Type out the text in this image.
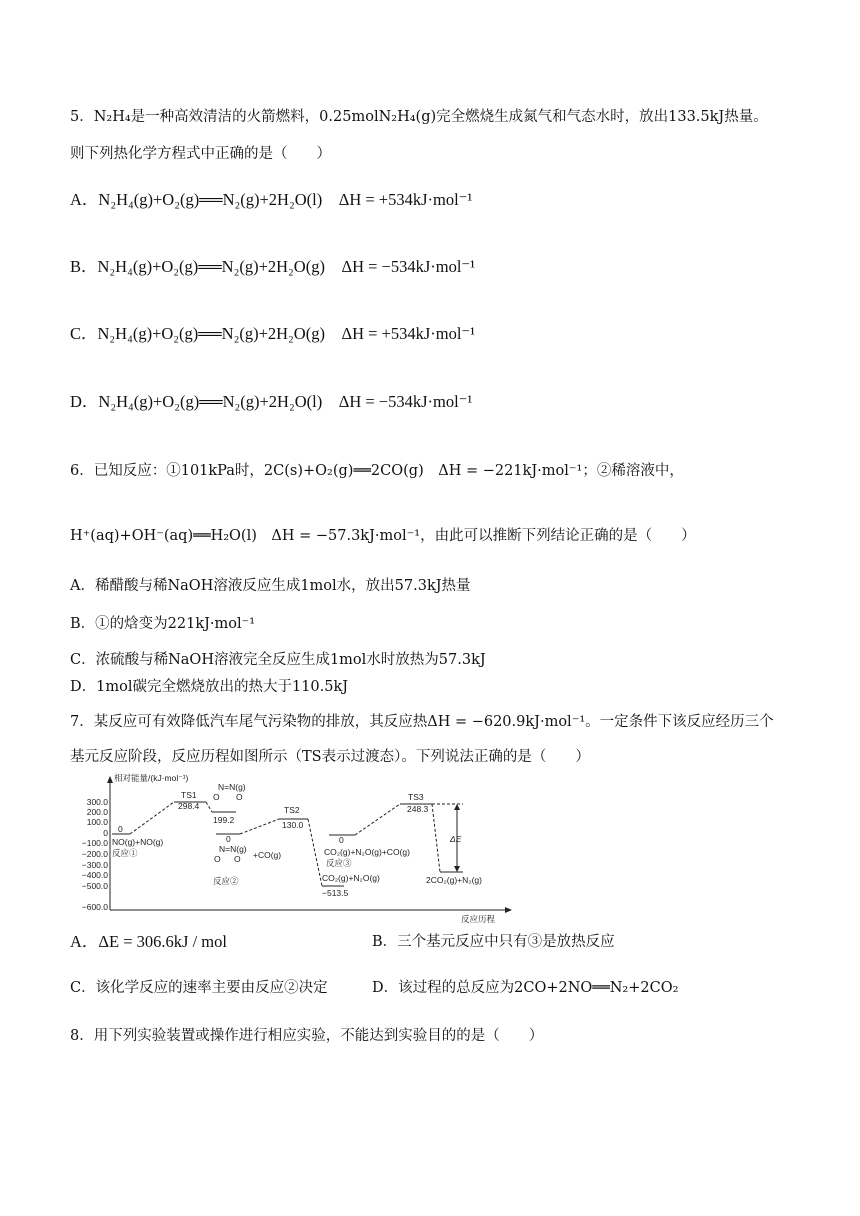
5．N₂H₄是一种高效清洁的火箭燃料，0.25molN₂H₄(g)完全燃烧生成氮气和气态水时，放出133.5kJ热量。
则下列热化学方程式中正确的是（　　）
A．N₂H₄(g)+O₂(g)══N₂(g)+2H₂O(l)　ΔH = +534kJ·mol⁻¹
B．N₂H₄(g)+O₂(g)══N₂(g)+2H₂O(g)　ΔH = −534kJ·mol⁻¹
C．N₂H₄(g)+O₂(g)══N₂(g)+2H₂O(g)　ΔH = +534kJ·mol⁻¹
D．N₂H₄(g)+O₂(g)══N₂(g)+2H₂O(l)　ΔH = −534kJ·mol⁻¹
6．已知反应：①101kPa时，2C(s)+O₂(g)══2CO(g)　ΔH = −221kJ·mol⁻¹；②稀溶液中，
H⁺(aq)+OH⁻(aq)══H₂O(l)　ΔH = −57.3kJ·mol⁻¹，由此可以推断下列结论正确的是（　　）
A．稀醋酸与稀NaOH溶液反应生成1mol水，放出57.3kJ热量
B．①的焓变为221kJ·mol⁻¹
C．浓硫酸与稀NaOH溶液完全反应生成1mol水时放热为57.3kJ
D．1mol碳完全燃烧放出的热大于110.5kJ
7．某反应可有效降低汽车尾气污染物的排放，其反应热ΔH = −620.9kJ·mol⁻¹。一定条件下该反应经历三个
基元反应阶段，反应历程如图所示（TS表示过渡态）。下列说法正确的是（　　）
相对能量/(kJ·mol⁻¹)
反应历程
300.0
200.0
100.0
0
−100.0
−200.0
−300.0
−400.0
−500.0
−600.0
ΔE
TS1
298.4
N=N(g)
O O
199.2
0
NO(g)+NO(g)
反应①
0
N=N(g)
O O +CO(g)
反应②
TS2
130.0
0
CO₂(g)+N₂O(g)+CO(g)
反应③
CO₂(g)+N₂O(g)
−513.5
TS3
248.3
2CO₂(g)+N₂(g)
A．ΔE = 306.6kJ / mol	B．三个基元反应中只有③是放热反应
C．该化学反应的速率主要由反应②决定	D．该过程的总反应为2CO+2NO══N₂+2CO₂
8．用下列实验装置或操作进行相应实验，不能达到实验目的的是（　　）
